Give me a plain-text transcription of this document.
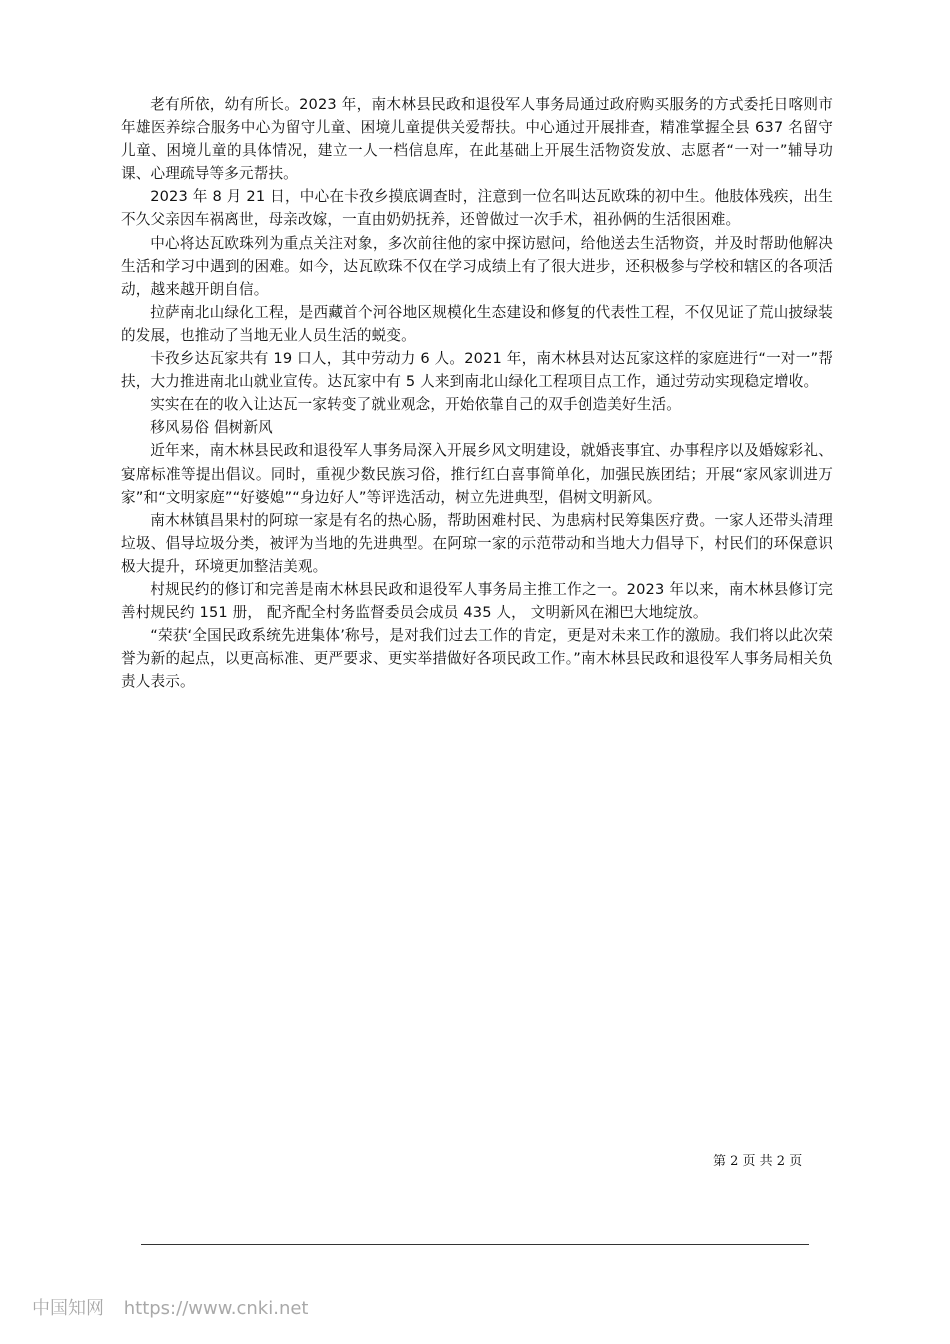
老有所依，幼有所长。2023 年，南木林县民政和退役军人事务局通过政府购买服务的方式委托日喀则市年雄医养综合服务中心为留守儿童、困境儿童提供关爱帮扶。中心通过开展排查，精准掌握全县 637 名留守儿童、困境儿童的具体情况，建立一人一档信息库，在此基础上开展生活物资发放、志愿者“一对一”辅导功课、心理疏导等多元帮扶。

2023 年 8 月 21 日，中心在卡孜乡摸底调查时，注意到一位名叫达瓦欧珠的初中生。他肢体残疾，出生不久父亲因车祸离世，母亲改嫁，一直由奶奶抚养，还曾做过一次手术，祖孙俩的生活很困难。

中心将达瓦欧珠列为重点关注对象，多次前往他的家中探访慰问，给他送去生活物资，并及时帮助他解决生活和学习中遇到的困难。如今，达瓦欧珠不仅在学习成绩上有了很大进步，还积极参与学校和辖区的各项活动，越来越开朗自信。

拉萨南北山绿化工程，是西藏首个河谷地区规模化生态建设和修复的代表性工程，不仅见证了荒山披绿装的发展，也推动了当地无业人员生活的蜕变。

卡孜乡达瓦家共有 19 口人，其中劳动力 6 人。2021 年，南木林县对达瓦家这样的家庭进行“一对一”帮扶，大力推进南北山就业宣传。达瓦家中有 5 人来到南北山绿化工程项目点工作，通过劳动实现稳定增收。

实实在在的收入让达瓦一家转变了就业观念，开始依靠自己的双手创造美好生活。

移风易俗 倡树新风

近年来，南木林县民政和退役军人事务局深入开展乡风文明建设，就婚丧事宜、办事程序以及婚嫁彩礼、宴席标准等提出倡议。同时，重视少数民族习俗，推行红白喜事简单化，加强民族团结；开展“家风家训进万家”和“文明家庭”“好婆媳”“身边好人”等评选活动，树立先进典型，倡树文明新风。

南木林镇昌果村的阿琼一家是有名的热心肠，帮助困难村民、为患病村民筹集医疗费。一家人还带头清理垃圾、倡导垃圾分类，被评为当地的先进典型。在阿琼一家的示范带动和当地大力倡导下，村民们的环保意识极大提升，环境更加整洁美观。

村规民约的修订和完善是南木林县民政和退役军人事务局主推工作之一。2023 年以来，南木林县修订完善村规民约 151 册， 配齐配全村务监督委员会成员 435 人， 文明新风在湘巴大地绽放。

“荣获‘全国民政系统先进集体’称号，是对我们过去工作的肯定，更是对未来工作的激励。我们将以此次荣誉为新的起点，以更高标准、更严要求、更实举措做好各项民政工作。”南木林县民政和退役军人事务局相关负责人表示。

第 2 页 共 2 页
中国知网 https://www.cnki.net
